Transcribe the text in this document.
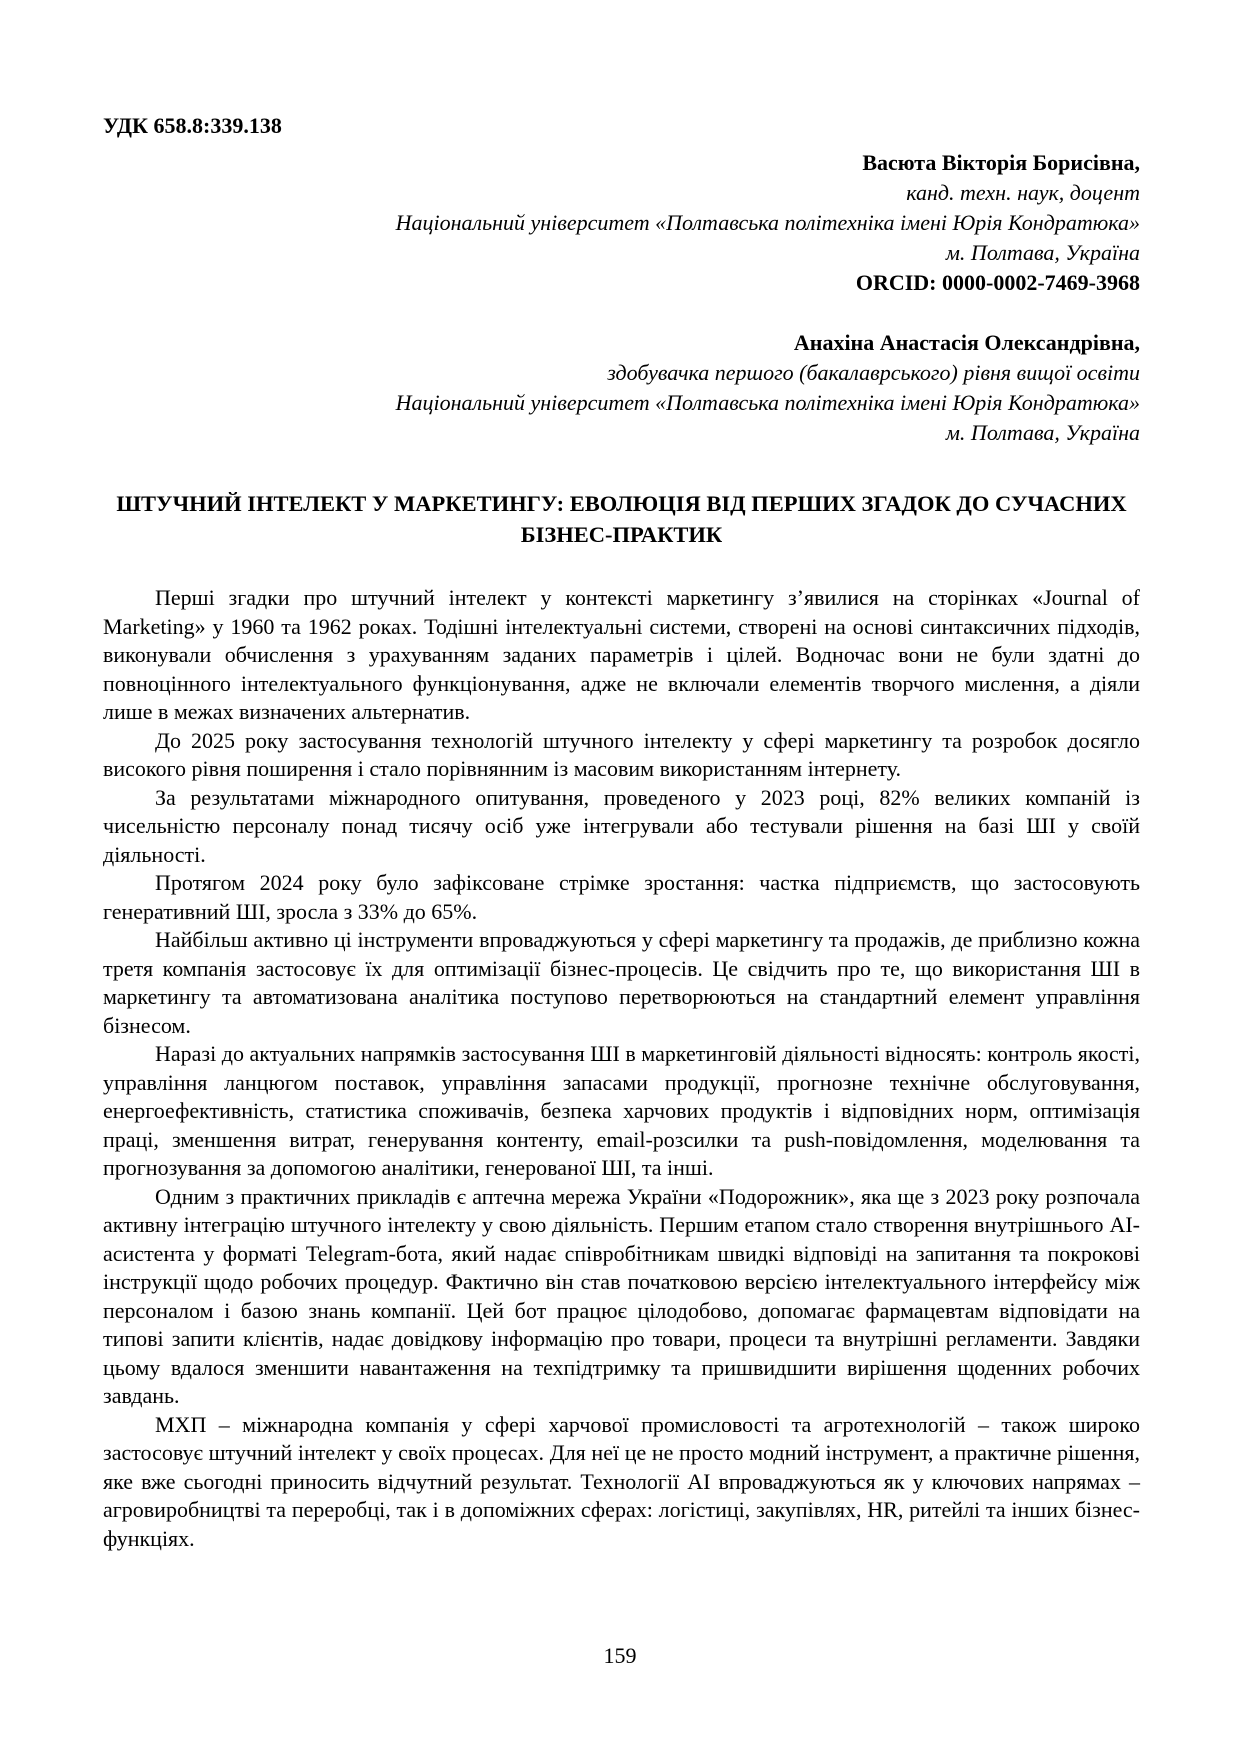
УДК 658.8:339.138
Васюта Вікторія Борисівна,
канд. техн. наук, доцент
Національний університет «Полтавська політехніка імені Юрія Кондратюка»
м. Полтава, Україна
ORCID: 0000-0002-7469-3968
Анахіна Анастасія Олександрівна,
здобувачка першого (бакалаврського) рівня вищої освіти
Національний університет «Полтавська політехніка імені Юрія Кондратюка»
м. Полтава, Україна
ШТУЧНИЙ ІНТЕЛЕКТ У МАРКЕТИНГУ: ЕВОЛЮЦІЯ ВІД ПЕРШИХ ЗГАДОК ДО СУЧАСНИХ БІЗНЕС-ПРАКТИК

Перші згадки про штучний інтелект у контексті маркетингу з’явилися на сторінках «Journal of Marketing» у 1960 та 1962 роках. Тодішні інтелектуальні системи, створені на основі синтаксичних підходів, виконували обчислення з урахуванням заданих параметрів і цілей. Водночас вони не були здатні до повноцінного інтелектуального функціонування, адже не включали елементів творчого мислення, а діяли лише в межах визначених альтернатив.

До 2025 року застосування технологій штучного інтелекту у сфері маркетингу та розробок досягло високого рівня поширення і стало порівнянним із масовим використанням інтернету.

За результатами міжнародного опитування, проведеного у 2023 році, 82% великих компаній із чисельністю персоналу понад тисячу осіб уже інтегрували або тестували рішення на базі ШІ у своїй діяльності.

Протягом 2024 року було зафіксоване стрімке зростання: частка підприємств, що застосовують генеративний ШІ, зросла з 33% до 65%.

Найбільш активно ці інструменти впроваджуються у сфері маркетингу та продажів, де приблизно кожна третя компанія застосовує їх для оптимізації бізнес-процесів. Це свідчить про те, що використання ШІ в маркетингу та автоматизована аналітика поступово перетворюються на стандартний елемент управління бізнесом.

Наразі до актуальних напрямків застосування ШІ в маркетинговій діяльності відносять: контроль якості, управління ланцюгом поставок, управління запасами продукції, прогнозне технічне обслуговування, енергоефективність, статистика споживачів, безпека харчових продуктів і відповідних норм, оптимізація праці, зменшення витрат, генерування контенту, email-розсилки та push-повідомлення, моделювання та прогнозування за допомогою аналітики, генерованої ШІ, та інші.

Одним з практичних прикладів є аптечна мережа України «Подорожник», яка ще з 2023 року розпочала активну інтеграцію штучного інтелекту у свою діяльність. Першим етапом стало створення внутрішнього AI-асистента у форматі Telegram-бота, який надає співробітникам швидкі відповіді на запитання та покрокові інструкції щодо робочих процедур. Фактично він став початковою версією інтелектуального інтерфейсу між персоналом і базою знань компанії. Цей бот працює цілодобово, допомагає фармацевтам відповідати на типові запити клієнтів, надає довідкову інформацію про товари, процеси та внутрішні регламенти. Завдяки цьому вдалося зменшити навантаження на техпідтримку та пришвидшити вирішення щоденних робочих завдань.

МХП – міжнародна компанія у сфері харчової промисловості та агротехнологій – також широко застосовує штучний інтелект у своїх процесах. Для неї це не просто модний інструмент, а практичне рішення, яке вже сьогодні приносить відчутний результат. Технології AI впроваджуються як у ключових напрямах – агровиробництві та переробці, так і в допоміжних сферах: логістиці, закупівлях, HR, ритейлі та інших бізнес-функціях.

159
